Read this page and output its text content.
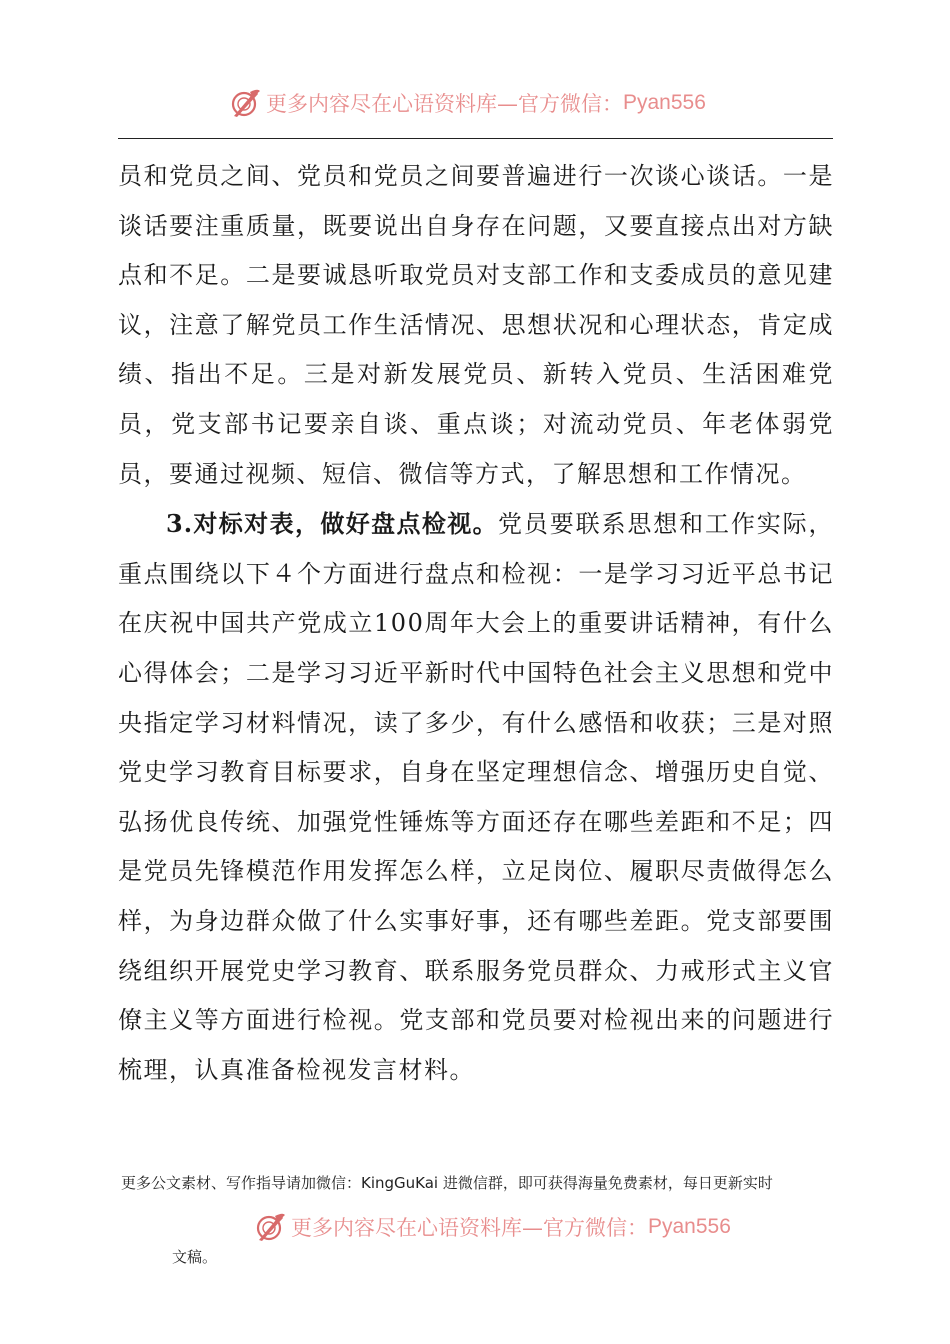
更多内容尽在心语资料库—官方微信： Pyan556

员和党员之间、党员和党员之间要普遍进行一次谈心谈话。一是谈话要注重质量，既要说出自身存在问题，又要直接点出对方缺点和不足。二是要诚恳听取党员对支部工作和支委成员的意见建议，注意了解党员工作生活情况、思想状况和心理状态，肯定成绩、指出不足。三是对新发展党员、新转入党员、生活困难党员，党支部书记要亲自谈、重点谈；对流动党员、年老体弱党员，要通过视频、短信、微信等方式，了解思想和工作情况。

3.对标对表，做好盘点检视。党员要联系思想和工作实际，重点围绕以下４个方面进行盘点和检视：一是学习习近平总书记在庆祝中国共产党成立100周年大会上的重要讲话精神，有什么心得体会；二是学习习近平新时代中国特色社会主义思想和党中央指定学习材料情况，读了多少，有什么感悟和收获；三是对照党史学习教育目标要求，自身在坚定理想信念、增强历史自觉、弘扬优良传统、加强党性锤炼等方面还存在哪些差距和不足；四是党员先锋模范作用发挥怎么样，立足岗位、履职尽责做得怎么样，为身边群众做了什么实事好事，还有哪些差距。党支部要围绕组织开展党史学习教育、联系服务党员群众、力戒形式主义官僚主义等方面进行检视。党支部和党员要对检视出来的问题进行梳理，认真准备检视发言材料。

更多公文素材、写作指导请加微信：KingGuKai 进微信群，即可获得海量免费素材，每日更新实时
更多内容尽在心语资料库—官方微信： Pyan556
文稿。
